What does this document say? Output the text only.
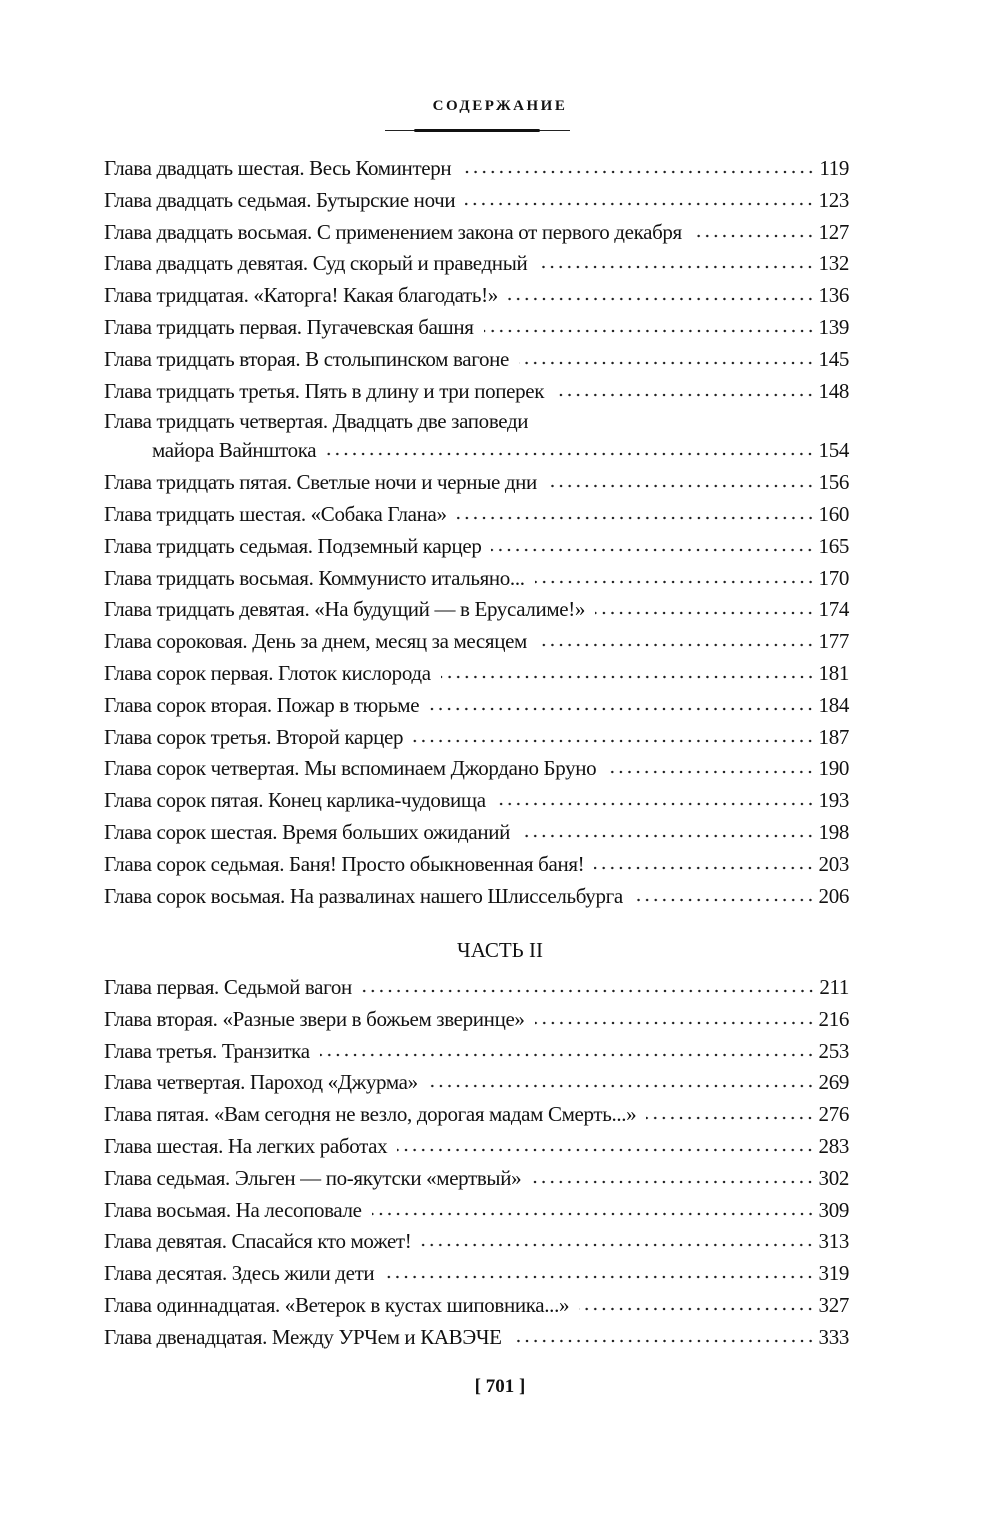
СОДЕРЖАНИЕ
Глава двадцать шестая. Весь Коминтерн	119
Глава двадцать седьмая. Бутырские ночи	123
Глава двадцать восьмая. С применением закона от первого декабря	127
Глава двадцать девятая. Суд скорый и праведный	132
Глава тридцатая. «Каторга! Какая благодать!»	136
Глава тридцать первая. Пугачевская башня	139
Глава тридцать вторая. В столыпинском вагоне	145
Глава тридцать третья. Пять в длину и три поперек	148
Глава тридцать четвертая. Двадцать две заповеди
майора Вайнштока	154
Глава тридцать пятая. Светлые ночи и черные дни	156
Глава тридцать шестая. «Собака Глана»	160
Глава тридцать седьмая. Подземный карцер	165
Глава тридцать восьмая. Коммунисто итальяно...	170
Глава тридцать девятая. «На будущий — в Ерусалиме!»	174
Глава сороковая. День за днем, месяц за месяцем	177
Глава сорок первая. Глоток кислорода	181
Глава сорок вторая. Пожар в тюрьме	184
Глава сорок третья. Второй карцер	187
Глава сорок четвертая. Мы вспоминаем Джордано Бруно	190
Глава сорок пятая. Конец карлика-чудовища	193
Глава сорок шестая. Время больших ожиданий	198
Глава сорок седьмая. Баня! Просто обыкновенная баня!	203
Глава сорок восьмая. На развалинах нашего Шлиссельбурга	206
ЧАСТЬ II
Глава первая. Седьмой вагон	211
Глава вторая. «Разные звери в божьем зверинце»	216
Глава третья. Транзитка	253
Глава четвертая. Пароход «Джурма»	269
Глава пятая. «Вам сегодня не везло, дорогая мадам Смерть...»	276
Глава шестая. На легких работах	283
Глава седьмая. Эльген — по-якутски «мертвый»	302
Глава восьмая. На лесоповале	309
Глава девятая. Спасайся кто может!	313
Глава десятая. Здесь жили дети	319
Глава одиннадцатая. «Ветерок в кустах шиповника...»	327
Глава двенадцатая. Между УРЧем и КАВЭЧЕ	333
[ 701 ]
